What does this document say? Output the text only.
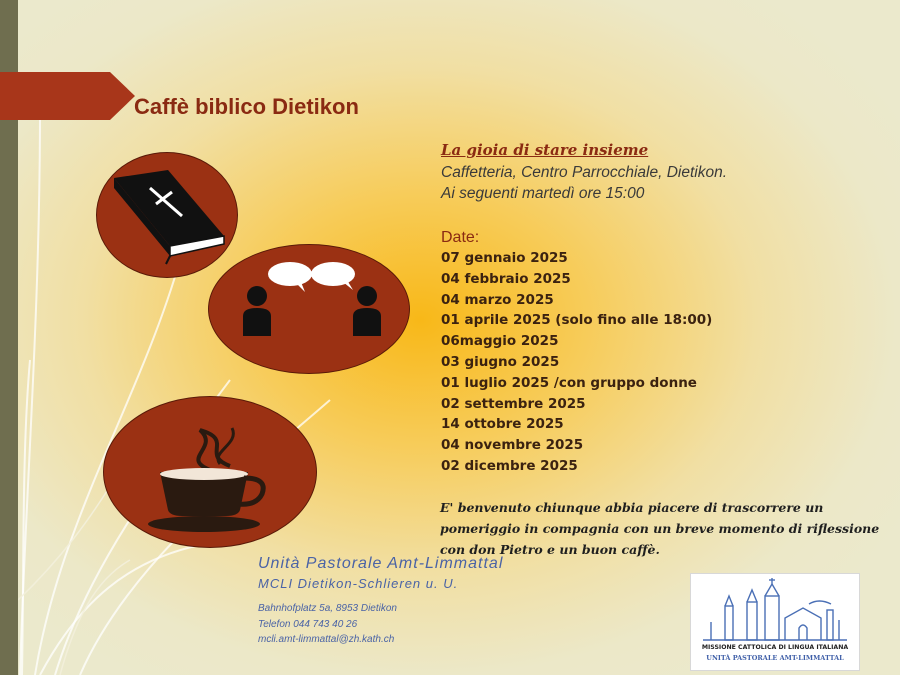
Caffè biblico Dietikon
La gioia di stare insieme
Caffetteria, Centro Parrocchiale, Dietikon.
Ai seguenti martedì ore 15:00
Date:
07 gennaio 2025
04 febbraio 2025
04 marzo 2025
01 aprile 2025 (solo fino alle 18:00)
06maggio 2025
03 giugno 2025
01 luglio 2025 /con gruppo donne
02 settembre 2025
14 ottobre 2025
04 novembre 2025
02 dicembre 2025
E' benvenuto chiunque abbia piacere di trascorrere un pomeriggio in compagnia con un breve momento di riflessione con don Pietro e un buon caffè.
Unità Pastorale Amt-Limmattal
MCLI Dietikon-Schlieren u. U.
Bahnhofplatz 5a, 8953 Dietikon
Telefon 044 743 40 26
mcli.amt-limmattal@zh.kath.ch
MISSIONE CATTOLICA DI LINGUA ITALIANA
UNITÀ PASTORALE AMT-LIMMATTAL
